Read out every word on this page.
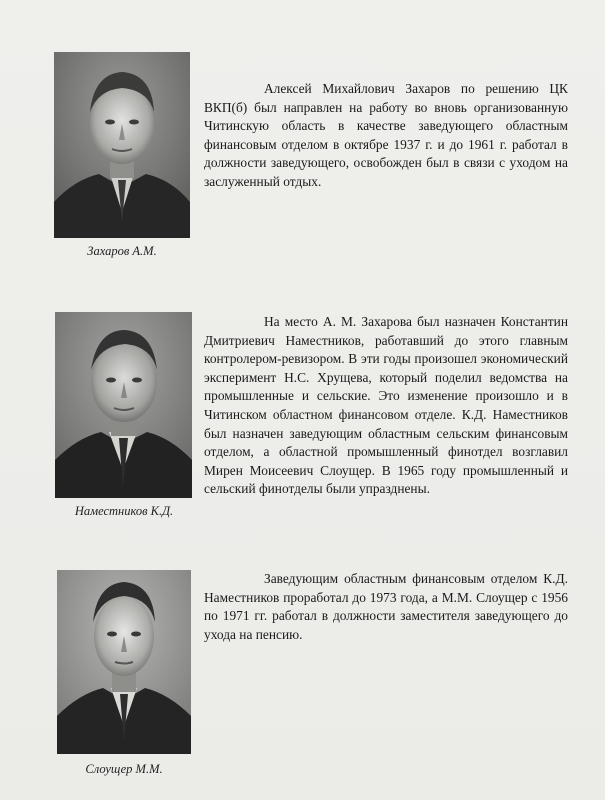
Захаров А.М.

Алексей Михайлович Захаров по решению ЦК ВКП(б) был направлен на работу во вновь организованную Читинскую область в качестве заведующего областным финансовым отделом в октябре 1937 г. и до 1961 г. работал в должности заведующего, освобожден был в связи с уходом на заслуженный отдых.

Наместников К.Д.

На место А. М. Захарова был назначен Константин Дмитриевич Наместников, работавший до этого главным контролером-ревизором. В эти годы произошел экономический эксперимент Н.С. Хрущева, который поделил ведомства на промышленные и сельские. Это изменение произошло и в Читинском областном финансовом отделе. К.Д. Наместников был назначен заведующим областным сельским финансовым отделом, а областной промышленный финотдел возглавил Мирен Моисеевич Слоущер. В 1965 году промышленный и сельский финотделы были упразднены.

Слоущер М.М.

Заведующим областным финансовым отделом К.Д. Наместников проработал до 1973 года, а М.М. Слоущер с 1956 по 1971 гг. работал в должности заместителя заведующего до ухода на пенсию.
